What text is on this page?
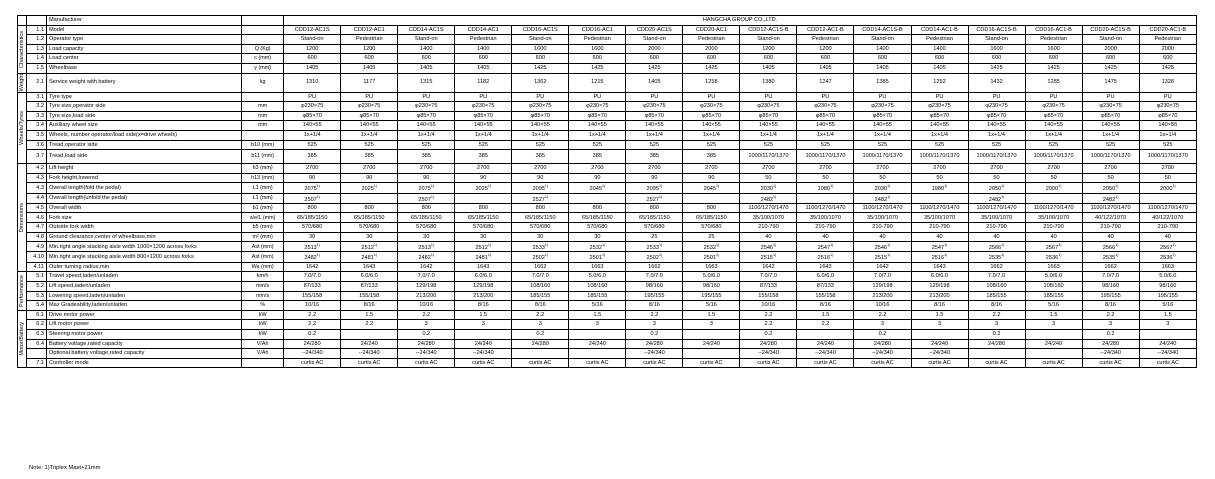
		Manufacturer		HANGCHA GROUP CO.,LTD.															

Characteristics	1.1	Model		CDD12-AC1S	CDD12-AC1	CDD14-AC1S	CDD14-AC1	CDD16-AC1S	CDD16-AC1	CDD20-AC1S	CDD20-AC1	CDD12-AC1S-B	CDD12-AC1-B	CDD14-AC1S-B	CDD14-AC1-B	CDD16-AC1S-B	CDD16-AC1-B	CDD20-AC1S-B	CDD20-AC1-B
	1.2	Operator type		Stand-on	Pedestrian	Stand-on	Pedestrian	Stand-on	Pedestrian	Stand-on	Pedestrian	Stand-on	Pedestrian	Stand-on	Pedestrian	Stand-on	Pedestrian	Stand-on	Pedestrian
	1.3	Load capacity	Q (Kg)	1200	1200	1400	1400	1600	1600	2000	2000	1200	1200	1400	1400	1600	1600	2000	2000
	1.4	Load center	c (mm)	600	600	600	600	600	600	600	600	600	600	600	600	600	600	600	600
	1.5	Wheelbase	y (mm)	1405	1405	1405	1405	1425	1425	1425	1425	1405	1405	1405	1405	1425	1425	1425	1425

Weight	2.1	Service weight with battery	kg	1310	1177	1315	1182	1362	1215	1405	1258	1380	1247	1385	1252	1432	1285	1475	1328

Wheels/Tyres	3.1	Tyre type		PU	PU	PU	PU	PU	PU	PU	PU	PU	PU	PU	PU	PU	PU	PU	PU
	3.2	Tyre size,operator side	mm	φ230×75	φ230×75	φ230×75	φ230×75	φ230×75	φ230×75	φ230×75	φ230×75	φ230×75	φ230×75	φ230×75	φ230×75	φ230×75	φ230×75	φ230×75	φ230×75
	3.3	Tyre size,load side	mm	φ85×70	φ85×70	φ85×70	φ85×70	φ85×70	φ85×70	φ85×70	φ85×70	φ85×70	φ85×70	φ85×70	φ85×70	φ85×70	φ85×70	φ85×70	φ85×70
	3.4	Auxiliary wheel size	mm	140×55	140×55	140×55	140×55	140×55	140×55	140×55	140×55	140×55	140×55	140×55	140×55	140×55	140×55	140×55	140×55
	3.5	Wheels, number operator/load side(x=drive wheels)		1x+1/4	1x+1/4	1x+1/4	1x+1/4	1x+1/4	1x+1/4	1x+1/4	1x+1/4	1x+1/4	1x+1/4	1x+1/4	1x+1/4	1x+1/4	1x+1/4	1x+1/4	1x+1/4
	3.6	Tread,operator side	b10 (mm)	525	525	525	525	525	525	525	525	525	525	525	525	525	525	525	525
	3.7	Tread,load side	b11 (mm)	385	385	385	385	385	385	385	385	1000/1170/1370	1000/1170/1370	1000/1170/1370	1000/1170/1370	1000/1170/1370	1000/1170/1370	1000/1170/1370	1000/1170/1370

Dimensions	4.2	Lift height	h3 (mm)	2700	2700	2700	2700	2700	2700	2700	2700	2700	2700	2700	2700	2700	2700	2700	2700
	4.3	Fork height,lowered	h13 (mm)	90	90	90	90	90	90	90	90	50	50	50	50	50	50	50	50
	4.3	Overall length(fold the pedal)	L1 (mm)	2075$^{1)}$	2025$^{1)}$	2075$^{1)}$	2025$^{1)}$	2095$^{1)}$	2045$^{1)}$	2095$^{1)}$	2045$^{1)}$	2030$^{1)}$	1980$^{1)}$	2030$^{1)}$	1980$^{1)}$	2050$^{1)}$	2000$^{1)}$	2050$^{1)}$	2000$^{1)}$
	4.4	Overall length(unfold the pedal)	L1 (mm)	2507$^{1)}$		2507$^{1)}$		2527$^{1)}$		2527$^{1)}$		2482$^{1)}$		2482$^{1)}$		2482$^{1)}$		2482$^{1)}$	
	4.5	Overall width	b1 (mm)	800	800	800	800	800	800	800	800	1100/1270/1470	1100/1270/1470	1100/1270/1470	1100/1270/1470	1100/1270/1470	1100/1270/1470	1100/1270/1470	1100/1270/1470
	4.6	Fork size	s/e/L (mm)	65/185/1150	65/185/1150	65/185/1150	65/185/1150	65/185/1150	65/185/1150	65/185/1150	65/185/1150	35/100/1070	35/100/1070	35/100/1070	35/100/1070	35/100/1070	35/100/1070	40/122/1070	40/122/1070
	4.7	Outside fork width	b5 (mm)	570/680	570/680	570/680	570/680	570/680	570/680	570/680	570/680	210-790	210-790	210-790	210-790	210-790	210-790	210-790	210-790
	4.8	Ground clearance,center of wheelbase,min	m² (mm)	30	30	30	30	30	30	25	25	40	40	40	40	40	40	40	40
	4.9	Min.right angle stacking aisle width 1000×1200 across forks	Ast (mm)	2513$^{1)}$	2512$^{1)}$	2513$^{1)}$	2512$^{1)}$	2533$^{1)}$	2532$^{1)}$	2533$^{1)}$	2532$^{1)}$	2546$^{1)}$	2547$^{1)}$	2546$^{1)}$	2547$^{1)}$	2566$^{1)}$	2567$^{1)}$	2566$^{1)}$	2567$^{1)}$
	4.10	Min.right angle stacking aisle width 800×1200 across forks	Ast (mm)	2482$^{1)}$	2481$^{1)}$	2482$^{1)}$	2481$^{1)}$	2502$^{1)}$	2501$^{1)}$	2502$^{1)}$	2501$^{1)}$	2515$^{1)}$	2516$^{1)}$	2515$^{1)}$	2516$^{1)}$	2535$^{1)}$	2536$^{1)}$	2535$^{1)}$	2536$^{1)}$
	4.11	Outer turning radius,min	Wa (mm)	1642	1643	1642	1643	1662	1663	1662	1663	1642	1643	1642	1643	1662	1663	1662	1663

Performance	5.1	Travel speed,laden/unladen	km/h	7.0/7.0	6.0/6.0	7.0/7.0	6.0/6.0	7.0/7.0	5.0/6.0	7.0/7.0	5.0/6.0	7.0/7.0	6.0/6.0	7.0/7.0	6.0/6.0	7.0/7.0	5.0/6.0	7.0/7.0	5.0/6.0
	5.2	Lift speed,laden/unladen	mm/s	87/133	87/133	129/198	129/198	108/160	108/160	98/160	98/160	87/133	87/133	129/198	129/198	108/160	108/160	98/160	98/160
	5.3	Lowering speed,laden/unladen	mm/s	155/158	155/158	213/200	213/200	185/155	185/155	195/155	195/155	155/158	155/158	213/200	213/200	185/155	185/155	195/155	195/155
	5.4	Max Gradeability,laden/unladen	%	10/16	8/16	10/16	8/16	8/16	5/16	8/16	5/16	10/16	8/16	10/16	8/16	8/16	5/16	8/16	5/16

Motor/Battery	6.1	Drive motor power	kW	2.2	1.5	2.2	1.5	2.2	1.5	2.2	1.5	2.2	1.5	2.2	1.5	2.2	1.5	2.2	1.5
	6.2	Lift motor power	kW	2.2	2.2	3	3	3	3	3	3	2.2	2.2	3	3	3	3	3	3
	6.3	Steering motor power	kW	0.2		0.2		0.2		0.2		0.2		0.2		0.2		0.2	
	6.4	Battery voltage,rated capacity	V/Ah	24/280	24/240	24/280	24/240	24/280	24/240	24/280	24/240	24/280	24/240	24/280	24/240	24/280	24/240	24/280	24/240
		Optional battery voltage,rated capacity	V/Ah	--24/340	--24/340	--24/340	--24/340			--24/340		--24/340	--24/340	--24/340	--24/340			--24/340	--24/340
	7.1	Controller mode		curtis AC	curtis AC	curtis AC	curtis AC	curtis AC	curtis AC	curtis AC	curtis AC	curtis AC	curtis AC	curtis AC	curtis AC	curtis AC	curtis AC	curtis AC	curtis AC
Note: 1)Triplex Mast+21mm
